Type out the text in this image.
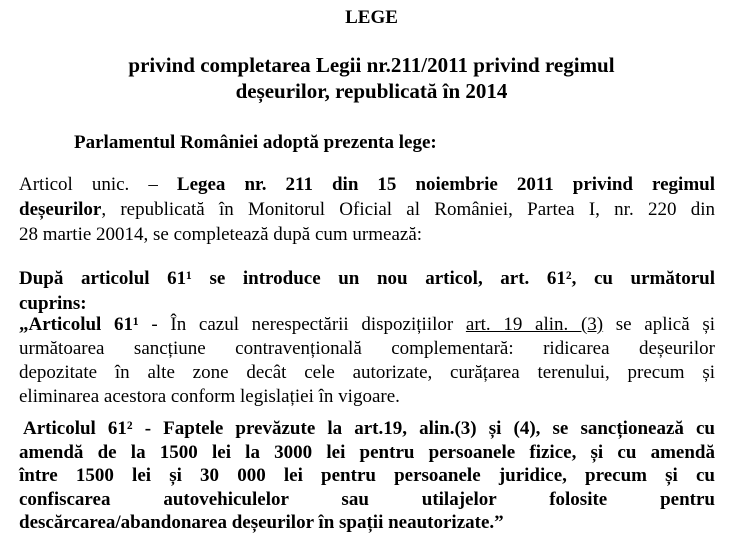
LEGE
privind completarea Legii nr.211/2011 privind regimul
deșeurilor, republicată în 2014
Parlamentul României adoptă prezenta lege:
Articol unic. – Legea nr. 211 din 15 noiembrie 2011 privind regimul
deșeurilor, republicată în Monitorul Oficial al României, Partea I, nr. 220 din
28 martie 20014, se completează după cum urmează:
După articolul 61¹ se introduce un nou articol, art. 61², cu următorul
cuprins:
„Articolul 61¹ - În cazul nerespectării dispozițiilor art. 19 alin. (3) se aplică și
următoarea sancțiune contravențională complementară: ridicarea deșeurilor
depozitate în alte zone decât cele autorizate, curățarea terenului, precum și
eliminarea acestora conform legislației în vigoare.
Articolul 61² - Faptele prevăzute la art.19, alin.(3) și (4), se sancționează cu
amendă de la 1500 lei la 3000 lei pentru persoanele fizice, și cu amendă
între 1500 lei și 30 000 lei pentru persoanele juridice, precum și cu
confiscarea autovehiculelor sau utilajelor folosite pentru
descărcarea/abandonarea deșeurilor în spații neautorizate.”
